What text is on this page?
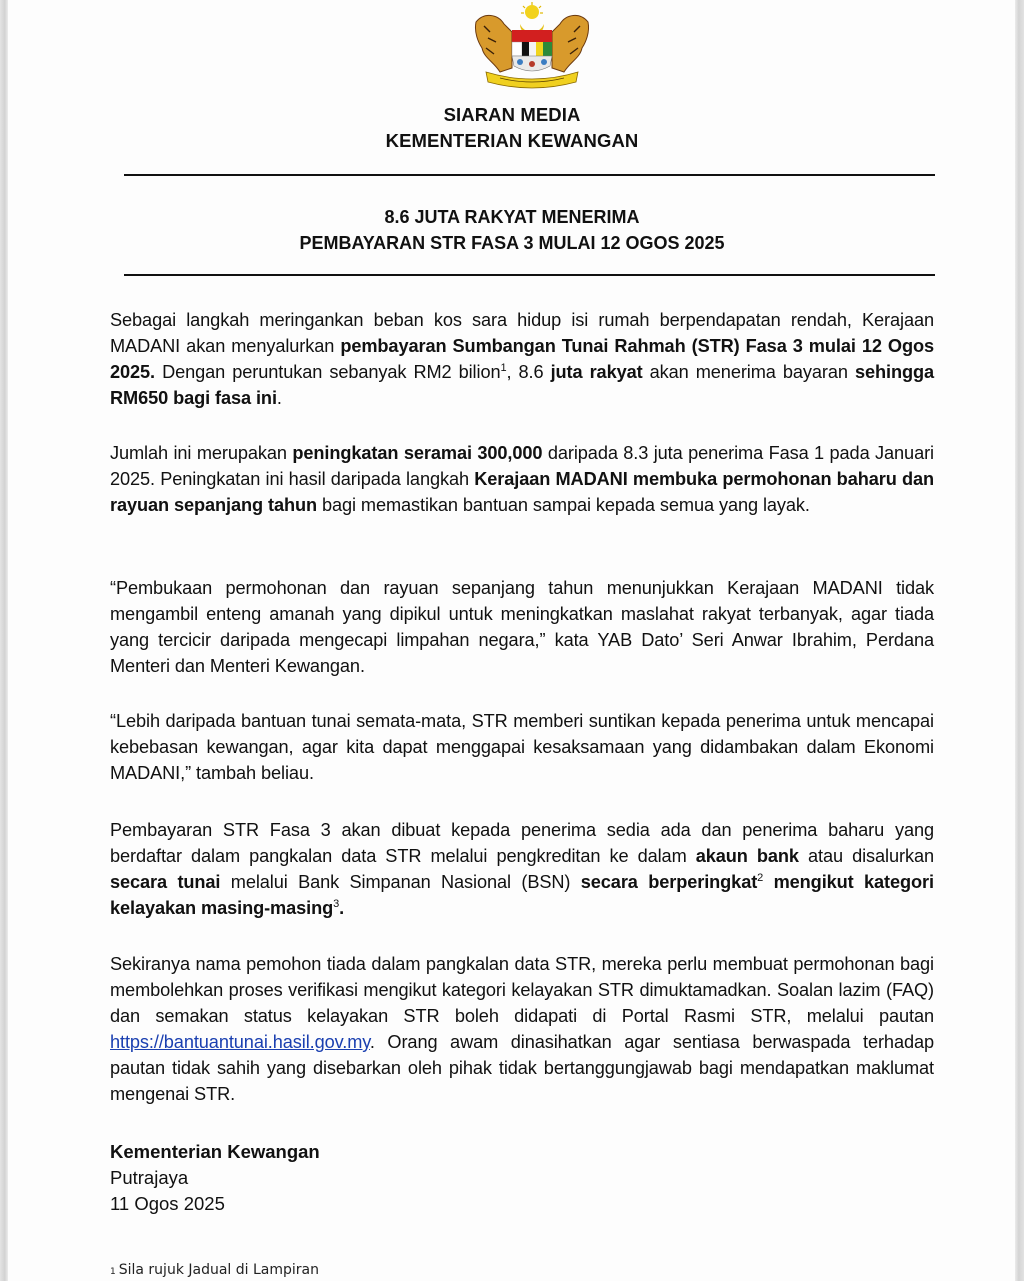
SIARAN MEDIA
KEMENTERIAN KEWANGAN
8.6 JUTA RAKYAT MENERIMA
PEMBAYARAN STR FASA 3 MULAI 12 OGOS 2025
Sebagai langkah meringankan beban kos sara hidup isi rumah berpendapatan rendah, Kerajaan MADANI akan menyalurkan pembayaran Sumbangan Tunai Rahmah (STR) Fasa 3 mulai 12 Ogos 2025. Dengan peruntukan sebanyak RM2 bilion$^1$, 8.6 juta rakyat akan menerima bayaran sehingga RM650 bagi fasa ini.
Jumlah ini merupakan peningkatan seramai 300,000 daripada 8.3 juta penerima Fasa 1 pada Januari 2025. Peningkatan ini hasil daripada langkah Kerajaan MADANI membuka permohonan baharu dan rayuan sepanjang tahun bagi memastikan bantuan sampai kepada semua yang layak.
“Pembukaan permohonan dan rayuan sepanjang tahun menunjukkan Kerajaan MADANI tidak mengambil enteng amanah yang dipikul untuk meningkatkan maslahat rakyat terbanyak, agar tiada yang tercicir daripada mengecapi limpahan negara,” kata YAB Dato’ Seri Anwar Ibrahim, Perdana Menteri dan Menteri Kewangan.
“Lebih daripada bantuan tunai semata-mata, STR memberi suntikan kepada penerima untuk mencapai kebebasan kewangan, agar kita dapat menggapai kesaksamaan yang didambakan dalam Ekonomi MADANI,” tambah beliau.
Pembayaran STR Fasa 3 akan dibuat kepada penerima sedia ada dan penerima baharu yang berdaftar dalam pangkalan data STR melalui pengkreditan ke dalam akaun bank atau disalurkan secara tunai melalui Bank Simpanan Nasional (BSN) secara berperingkat$^2$ mengikut kategori kelayakan masing-masing$^3$.
Sekiranya nama pemohon tiada dalam pangkalan data STR, mereka perlu membuat permohonan bagi membolehkan proses verifikasi mengikut kategori kelayakan STR dimuktamadkan. Soalan lazim (FAQ) dan semakan status kelayakan STR boleh didapati di Portal Rasmi STR, melalui pautan https://bantuantunai.hasil.gov.my. Orang awam dinasihatkan agar sentiasa berwaspada terhadap pautan tidak sahih yang disebarkan oleh pihak tidak bertanggungjawab bagi mendapatkan maklumat mengenai STR.
Kementerian Kewangan
Putrajaya
11 Ogos 2025
1 Sila rujuk Jadual di Lampiran
